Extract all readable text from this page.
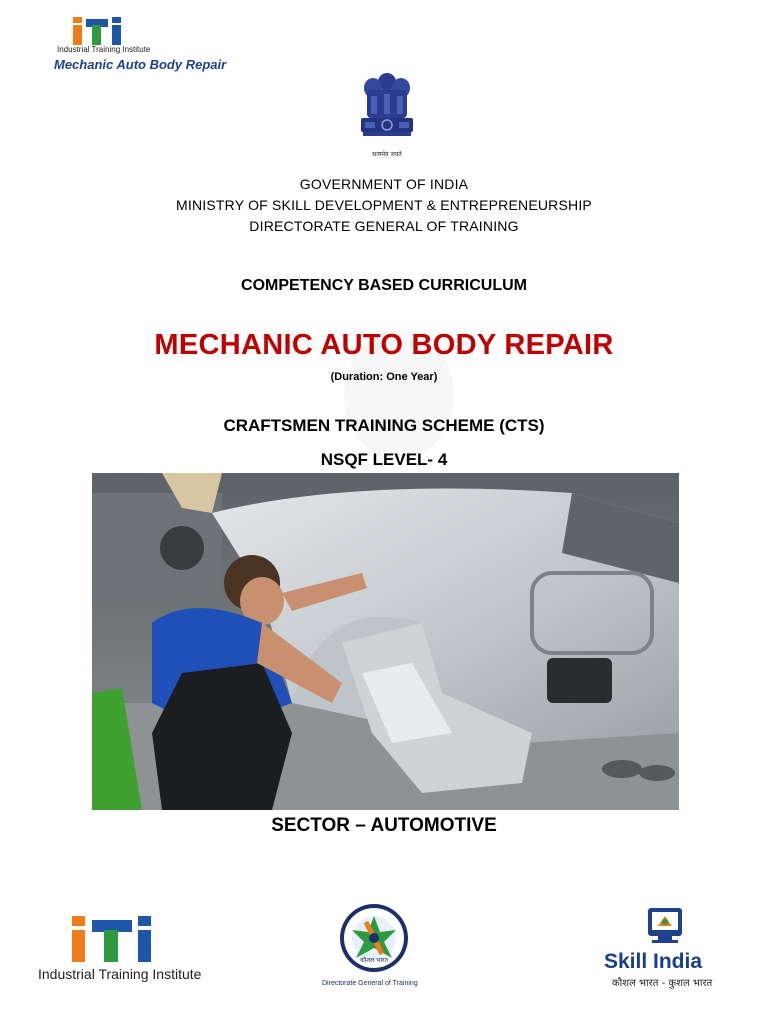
Industrial Training Institute
Mechanic Auto Body Repair
सत्यमेव जयते
GOVERNMENT OF INDIA
MINISTRY OF SKILL DEVELOPMENT & ENTREPRENEURSHIP
DIRECTORATE GENERAL OF TRAINING
COMPETENCY BASED CURRICULUM
MECHANIC AUTO BODY REPAIR
(Duration: One Year)
CRAFTSMEN TRAINING SCHEME (CTS)
NSQF LEVEL- 4
SECTOR – AUTOMOTIVE
Industrial Training Institute
कौशल भारत
Directorate General of Training
Skill India
कौशल भारत - कुशल भारत
